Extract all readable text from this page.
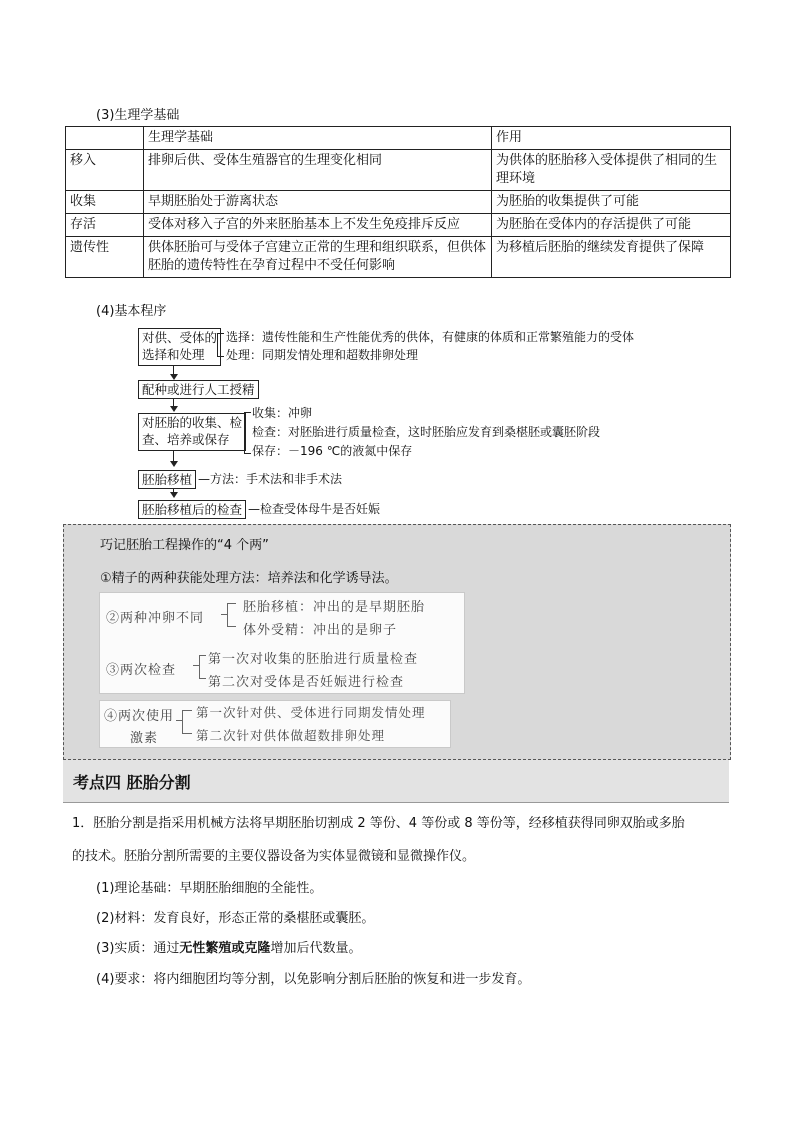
(3)生理学基础
	生理学基础	作用
移入	排卵后供、受体生殖器官的生理变化相同	为供体的胚胎移入受体提供了相同的生理环境
收集	早期胚胎处于游离状态	为胚胎的收集提供了可能
存活	受体对移入子宫的外来胚胎基本上不发生免疫排斥反应	为胚胎在受体内的存活提供了可能
遗传性	供体胚胎可与受体子宫建立正常的生理和组织联系，但供体胚胎的遗传特性在孕育过程中不受任何影响	为移植后胚胎的继续发育提供了保障
(4)基本程序
对供、受体的
选择和处理
选择：遗传性能和生产性能优秀的供体，有健康的体质和正常繁殖能力的受体
处理：同期发情处理和超数排卵处理
配种或进行人工授精
对胚胎的收集、检
查、培养或保存
收集：冲卵
检查：对胚胎进行质量检查，这时胚胎应发育到桑椹胚或囊胚阶段
保存：－196 ℃的液氮中保存
胚胎移植 —方法：手术法和非手术法
胚胎移植后的检查 —检查受体母牛是否妊娠
巧记胚胎工程操作的“4 个两”
①精子的两种获能处理方法：培养法和化学诱导法。
②两种冲卵不同
胚胎移植：冲出的是早期胚胎
体外受精：冲出的是卵子
③两次检查
第一次对收集的胚胎进行质量检查
第二次对受体是否妊娠进行检查
④两次使用
激素
第一次针对供、受体进行同期发情处理
第二次针对供体做超数排卵处理
考点四 胚胎分割
1．胚胎分割是指采用机械方法将早期胚胎切割成 2 等份、4 等份或 8 等份等，经移植获得同卵双胎或多胎
的技术。胚胎分割所需要的主要仪器设备为实体显微镜和显微操作仪。
(1)理论基础：早期胚胎细胞的全能性。
(2)材料：发育良好，形态正常的桑椹胚或囊胚。
(3)实质：通过无性繁殖或克隆增加后代数量。
(4)要求：将内细胞团均等分割，以免影响分割后胚胎的恢复和进一步发育。
